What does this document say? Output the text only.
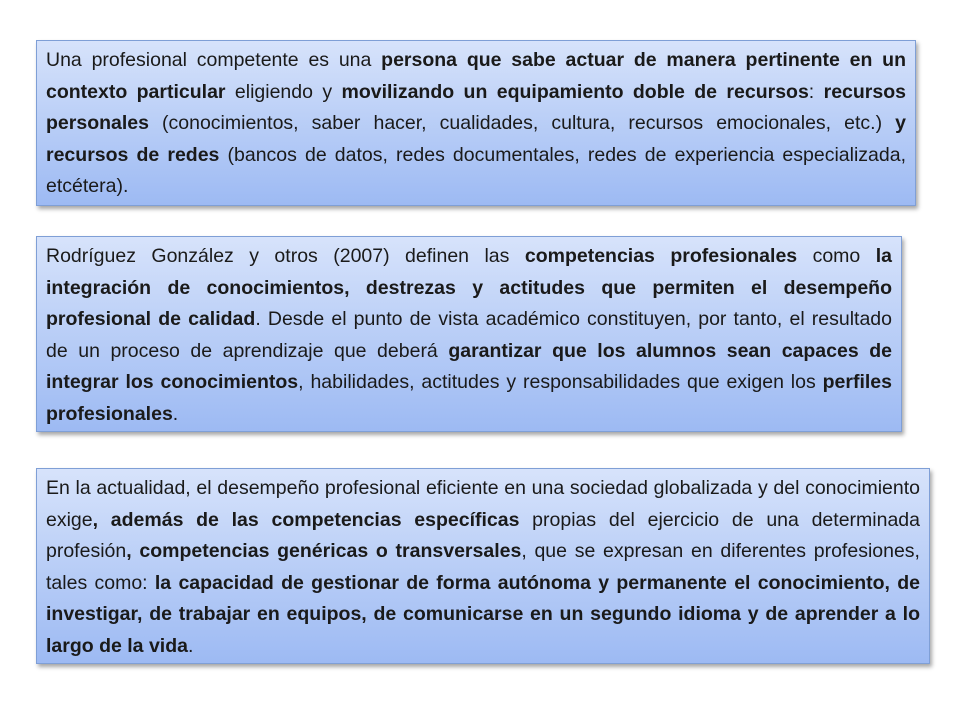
Una profesional competente es una persona que sabe actuar de manera pertinente en un contexto particular eligiendo y movilizando un equipamiento doble de recursos: recursos personales (conocimientos, saber hacer, cualidades, cultura, recursos emocionales, etc.) y recursos de redes (bancos de datos, redes documentales, redes de experiencia especializada, etcétera).
Rodríguez González y otros (2007) definen las competencias profesionales como la integración de conocimientos, destrezas y actitudes que permiten el desempeño profesional de calidad. Desde el punto de vista académico constituyen, por tanto, el resultado de un proceso de aprendizaje que deberá garantizar que los alumnos sean capaces de integrar los conocimientos, habilidades, actitudes y responsabilidades que exigen los perfiles profesionales.
En la actualidad, el desempeño profesional eficiente en una sociedad globalizada y del conocimiento exige, además de las competencias específicas propias del ejercicio de una determinada profesión, competencias genéricas o transversales, que se expresan en diferentes profesiones, tales como: la capacidad de gestionar de forma autónoma y permanente el conocimiento, de investigar, de trabajar en equipos, de comunicarse en un segundo idioma y de aprender a lo largo de la vida.
